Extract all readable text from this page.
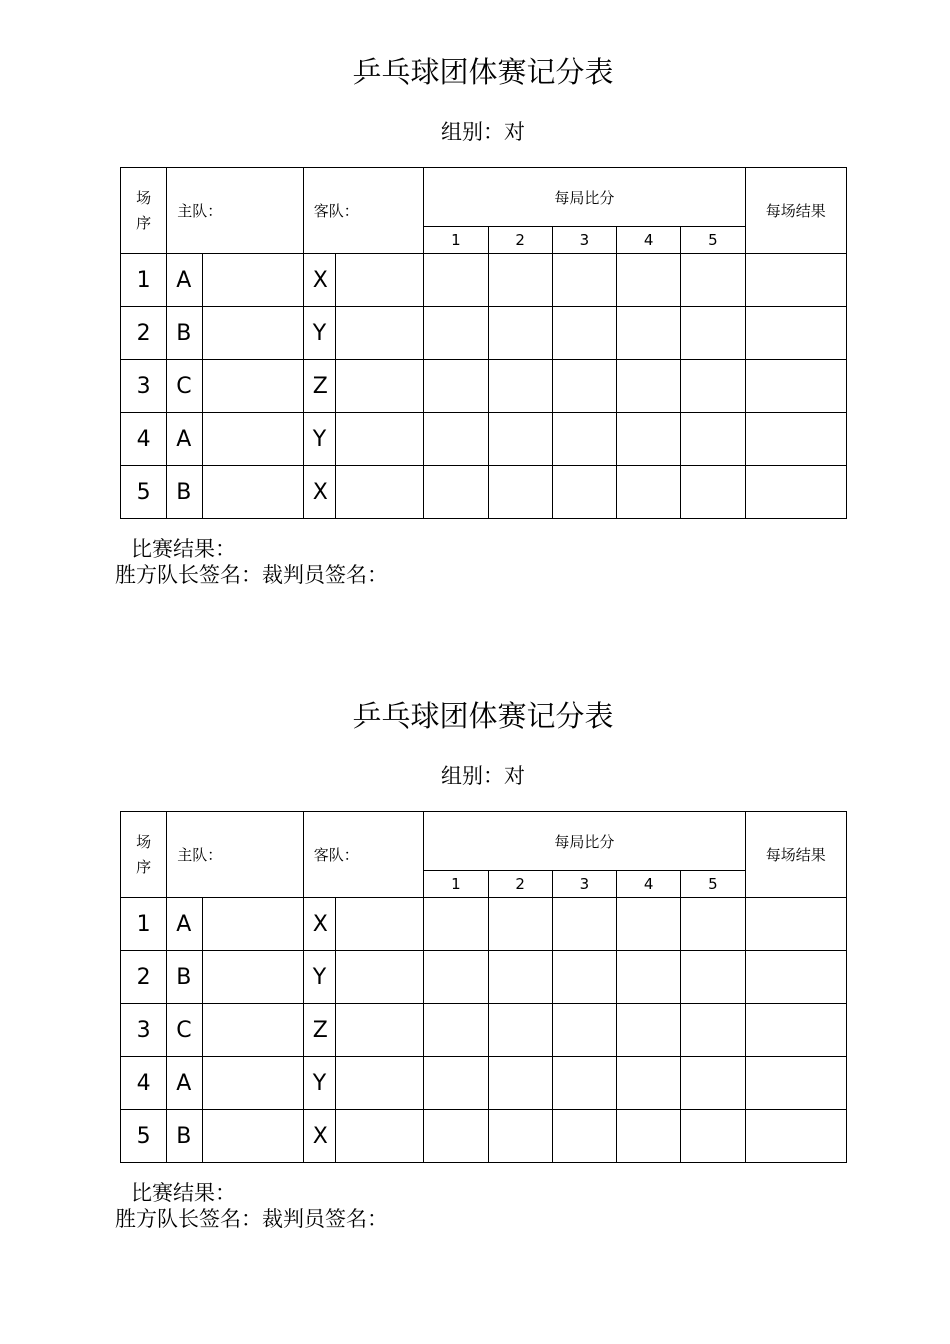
乒乓球团体赛记分表
组别：对
场
序	主队：		客队：		每局比分					每场结果
					1	2	3	4	5	
1	A		X							
2	B		Y							
3	C		Z							
4	A		Y							
5	B		X							
比赛结果：
胜方队长签名：裁判员签名：
乒乓球团体赛记分表
组别：对
场
序	主队：		客队：		每局比分					每场结果
					1	2	3	4	5	
1	A		X							
2	B		Y							
3	C		Z							
4	A		Y							
5	B		X							
比赛结果：
胜方队长签名：裁判员签名：
